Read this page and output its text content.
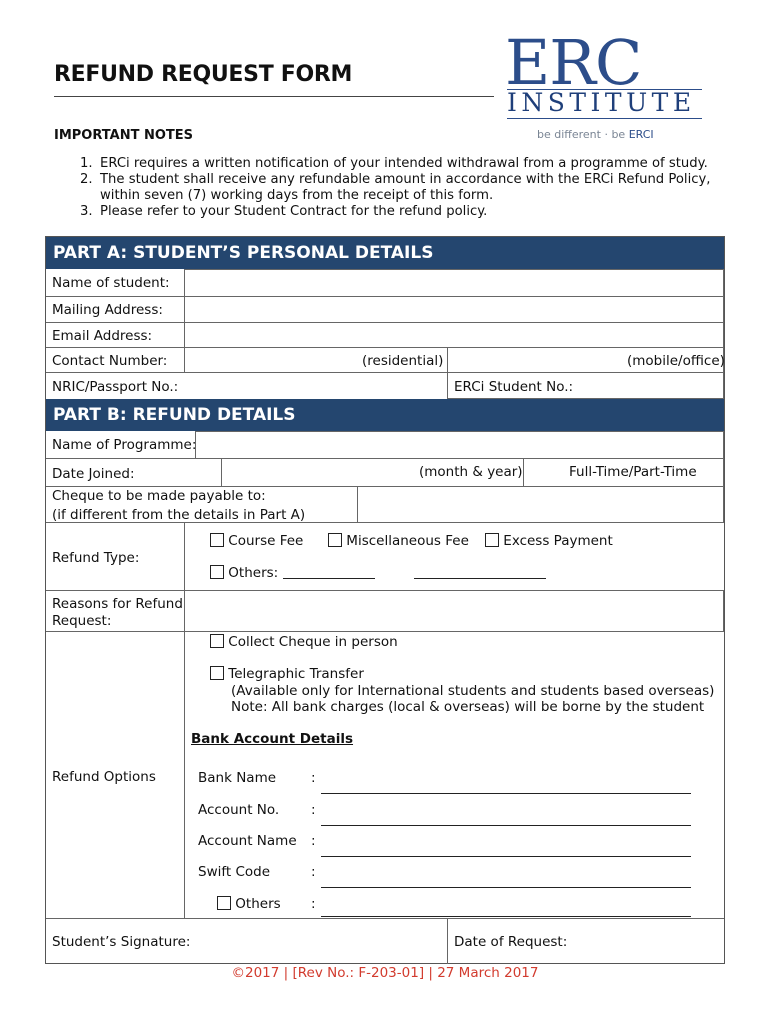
REFUND REQUEST FORM ERC
INSTITUTE
be different · be ERCI
IMPORTANT NOTES
1. ERCi requires a written notification of your intended withdrawal from a programme of study.
2. The student shall receive any refundable amount in accordance with the ERCi Refund Policy, within seven (7) working days from the receipt of this form.
3. Please refer to your Student Contract for the refund policy.
PART A: STUDENT’S PERSONAL DETAILS
Name of student:
Mailing Address:
Email Address:
Contact Number:	(residential)	(mobile/office)
NRIC/Passport No.:	ERCi Student No.:
PART B: REFUND DETAILS
Name of Programme:
Date Joined:	(month & year)	Full-Time/Part-Time
Cheque to be made payable to:
(if different from the details in Part A)
Refund Type:
Course Fee	Miscellaneous Fee	Excess Payment
Others:
Reasons for Refund
Request:
Refund Options
Collect Cheque in person
Telegraphic Transfer
(Available only for International students and students based overseas)
Note: All bank charges (local & overseas) will be borne by the student
Bank Account Details
Bank Name	:
Account No. :
Account Name :
Swift Code	:
Others :
Student’s Signature:	Date of Request:
©2017 | [Rev No.: F-203-01] | 27 March 2017
